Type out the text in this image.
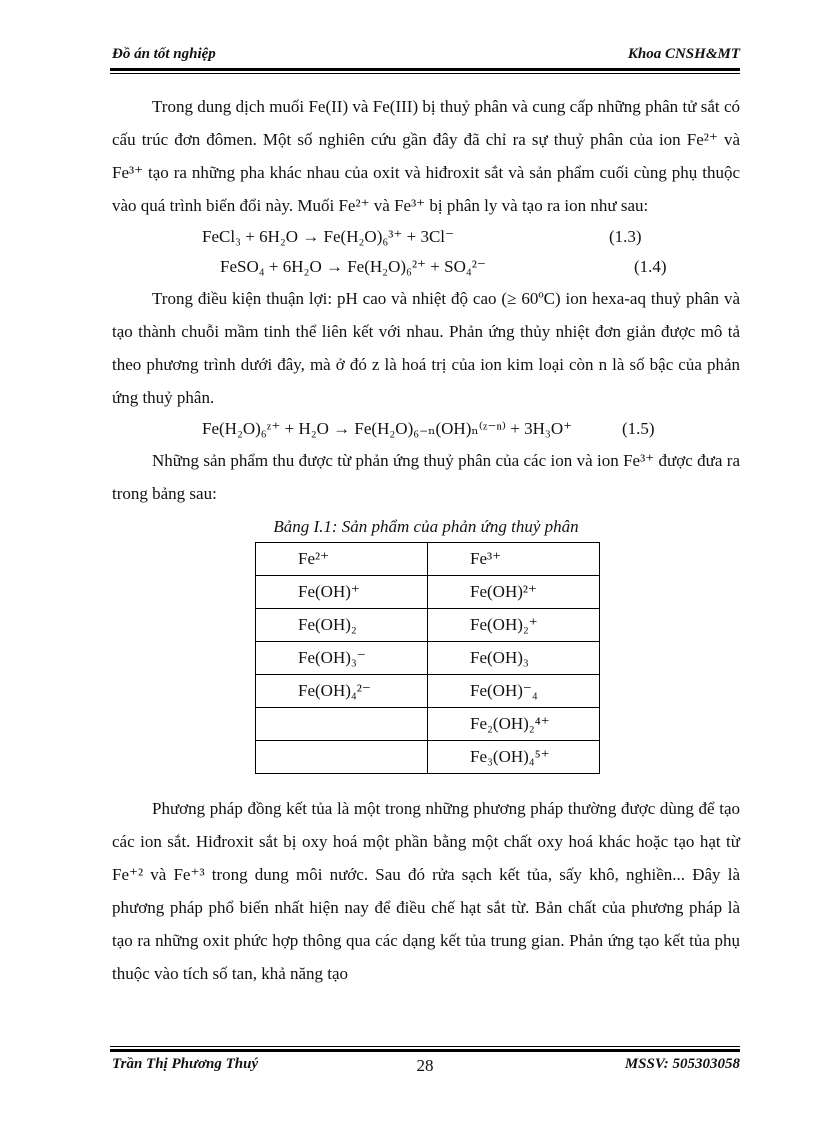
Đồ án tốt nghiệp	Khoa CNSH&MT

Trong dung dịch muối Fe(II) và Fe(III) bị thuỷ phân và cung cấp những phân tử sắt có cấu trúc đơn đômen. Một số nghiên cứu gần đây đã chỉ ra sự thuỷ phân của ion Fe²⁺ và Fe³⁺ tạo ra những pha khác nhau của oxit và hiđroxit sắt và sản phẩm cuối cùng phụ thuộc vào quá trình biến đổi này. Muối Fe²⁺ và Fe³⁺ bị phân ly và tạo ra ion như sau:

FeCl₃ + 6H₂O → Fe(H₂O)₆³⁺ + 3Cl⁻	(1.3)
FeSO₄ + 6H₂O → Fe(H₂O)₆²⁺ + SO₄²⁻	(1.4)

Trong điều kiện thuận lợi: pH cao và nhiệt độ cao (≥ 60ºC) ion hexa-aq thuỷ phân và tạo thành chuỗi mầm tinh thể liên kết với nhau. Phản ứng thủy nhiệt đơn giản được mô tả theo phương trình dưới đây, mà ở đó z là hoá trị của ion kim loại còn n là số bậc của phản ứng thuỷ phân.

Fe(H₂O)₆ᶻ⁺ + H₂O → Fe(H₂O)₆₋ₙ(OH)ₙ⁽ᶻ⁻ⁿ⁾ + 3H₃O⁺	(1.5)

Những sản phẩm thu được từ phản ứng thuỷ phân của các ion và ion Fe³⁺ được đưa ra trong bảng sau:

Bảng I.1: Sản phẩm của phản ứng thuỷ phân
Fe²⁺	Fe³⁺
Fe(OH)⁺	Fe(OH)²⁺
Fe(OH)₂	Fe(OH)₂⁺
Fe(OH)₃⁻	Fe(OH)₃
Fe(OH)₄²⁻	Fe(OH)⁻₄
	Fe₂(OH)₂⁴⁺
	Fe₃(OH)₄⁵⁺

Phương pháp đồng kết tủa là một trong những phương pháp thường được dùng để tạo các ion sắt. Hiđroxit sắt bị oxy hoá một phần bằng một chất oxy hoá khác hoặc tạo hạt từ Fe⁺² và Fe⁺³ trong dung môi nước. Sau đó rửa sạch kết tủa, sấy khô, nghiền... Đây là phương pháp phổ biến nhất hiện nay để điều chế hạt sắt từ. Bản chất của phương pháp là tạo ra những oxit phức hợp thông qua các dạng kết tủa trung gian. Phản ứng tạo kết tủa phụ thuộc vào tích số tan, khả năng tạo

28
Trần Thị Phương Thuý	MSSV: 505303058
